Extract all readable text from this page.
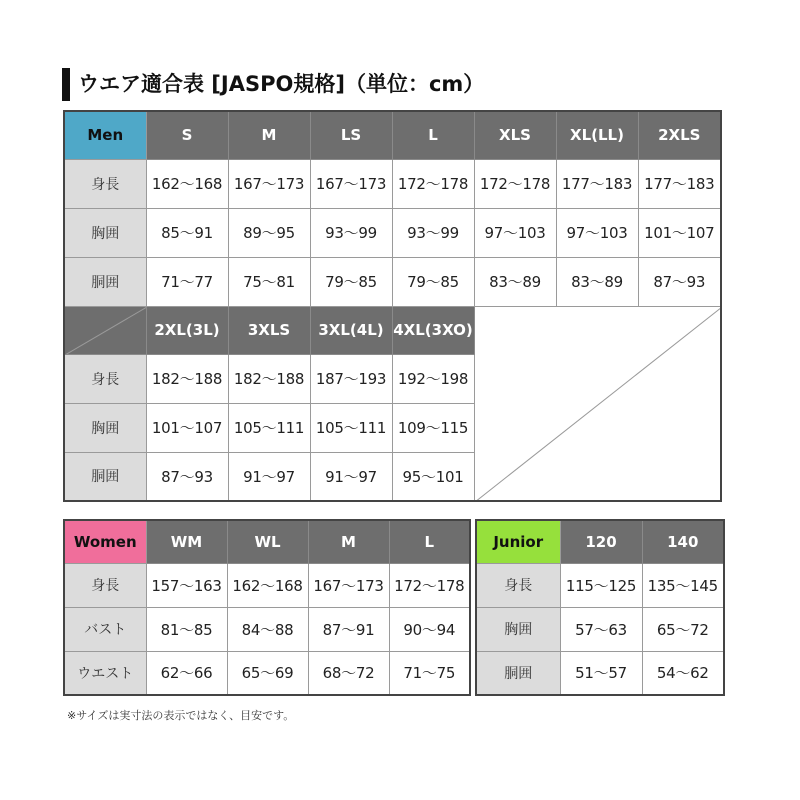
ウエア適合表 [JASPO規格]（単位：cm）
Men	S	M	LS	L	XLS	XL(LL)	2XLS
身長	162～168	167～173	167～173	172～178	172～178	177～183	177～183
胸囲	85～91	89～95	93～99	93～99	97～103	97～103	101～107
胴囲	71～77	75～81	79～85	79～85	83～89	83～89	87～93

	2XL(3L)	3XLS	3XL(4L)	4XL(3XO)	

身長	182～188	182～188	187～193	192～198			
胸囲	101～107	105～111	105～111	109～115			
胴囲	87～93	91～97	91～97	95～101			
Women	WM	WL	M	L
身長	157～163	162～168	167～173	172～178
バスト	81～85	84～88	87～91	90～94
ウエスト	62～66	65～69	68～72	71～75
Junior	120	140
身長	115～125	135～145
胸囲	57～63	65～72
胴囲	51～57	54～62
※サイズは実寸法の表示ではなく、目安です。
